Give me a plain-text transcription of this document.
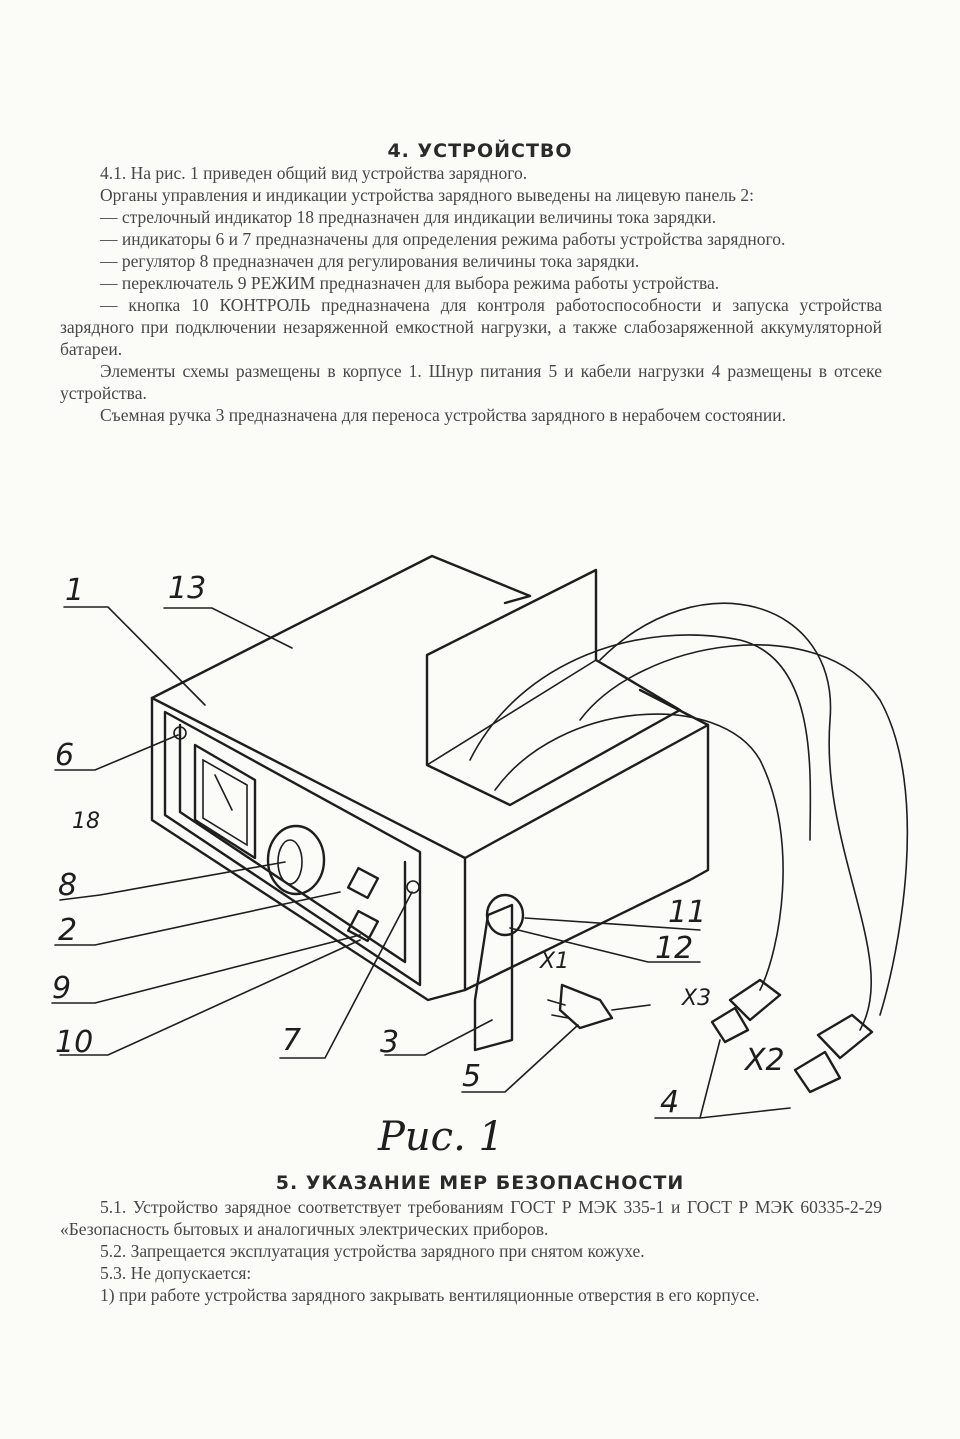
4. УСТРОЙСТВО

4.1. На рис. 1 приведен общий вид устройства зарядного.

Органы управления и индикации устройства зарядного выведены на лицевую панель 2:

— стрелочный индикатор 18 предназначен для индикации величины тока зарядки.

— индикаторы 6 и 7 предназначены для определения режима работы устройства зарядного.

— регулятор 8 предназначен для регулирования величины тока зарядки.

— переключатель 9 РЕЖИМ предназначен для выбора режима работы устройства.

— кнопка 10 КОНТРОЛЬ предназначена для контроля работоспособности и запуска устройства зарядного при подключении незаряженной емкостной нагрузки, а также слабозаряженной аккумуляторной батареи.

Элементы схемы размещены в корпусе 1. Шнур питания 5 и кабели нагрузки 4 размещены в отсеке устройства.

Съемная ручка 3 предназначена для переноса устройства зарядного в нерабочем состоянии.

1	13
6
18
8
2
9
10	7	3
5
11
12
X1
X3
X2
4
Рис. 1
5. УКАЗАНИЕ МЕР БЕЗОПАСНОСТИ

5.1. Устройство зарядное соответствует требованиям ГОСТ Р МЭК 335-1 и ГОСТ Р МЭК 60335-2-29 «Безопасность бытовых и аналогичных электрических приборов.

5.2. Запрещается эксплуатация устройства зарядного при снятом кожухе.

5.3. Не допускается:

1) при работе устройства зарядного закрывать вентиляционные отверстия в его корпусе.
